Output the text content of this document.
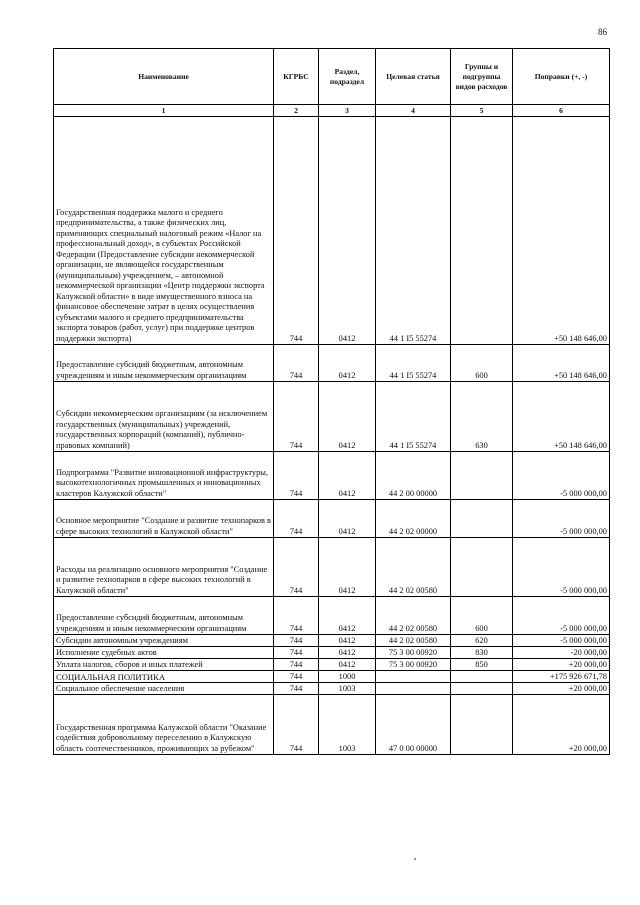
86
Наименование	КГРБС	Раздел, подраздел	Целевая статья	Группы и подгруппы видов расходов	Поправки (+, -)
1	2	3	4	5	6
Государственная поддержка малого и среднего предпринимательства, а также физических лиц, применяющих специальный налоговый режим «Налог на профессиональный доход», в субъектах Российской Федерации (Предоставление субсидии некоммерческой организации, не являющейся государственным (муниципальным) учреждением, – автономной некоммерческой организации «Центр поддержки экспорта Калужской области» в виде имущественного взноса на финансовое обеспечение затрат в целях осуществления субъектами малого и среднего предпринимательства экспорта товаров (работ, услуг) при поддержке центров поддержки экспорта)	744	0412	44 1 I5 55274		+50 148 646,00
Предоставление субсидий бюджетным, автономным учреждениям и иным некоммерческим организациям	744	0412	44 1 I5 55274	600	+50 148 646,00
Субсидии некоммерческим организациям (за исключением государственных (муниципальных) учреждений, государственных корпораций (компаний), публично-правовых компаний)	744	0412	44 1 I5 55274	630	+50 148 646,00
Подпрограмма "Развитие инновационной инфраструктуры, высокотехнологичных промышленных и инновационных кластеров Калужской области"	744	0412	44 2 00 00000		-5 000 000,00
Основное мероприятие "Создание и развитие технопарков в сфере высоких технологий в Калужской области"	744	0412	44 2 02 00000		-5 000 000,00
Расходы на реализацию основного мероприятия "Создание и развитие технопарков в сфере высоких технологий в Калужской области"	744	0412	44 2 02 00580		-5 000 000,00
Предоставление субсидий бюджетным, автономным учреждениям и иным некоммерческим организациям	744	0412	44 2 02 00580	600	-5 000 000,00
Субсидии автономным учреждениям	744	0412	44 2 02 00580	620	-5 000 000,00
Исполнение судебных актов	744	0412	75 3 00 00920	830	-20 000,00
Уплата налогов, сборов и иных платежей	744	0412	75 3 00 00920	850	+20 000,00
СОЦИАЛЬНАЯ ПОЛИТИКА	744	1000			+175 926 671,78
Социальное обеспечение населения	744	1003			+20 000,00
Государственная программа Калужской области "Оказание содействия добровольному переселению в Калужскую область соотечественников, проживающих за рубежом"	744	1003	47 0 00 00000		+20 000,00
